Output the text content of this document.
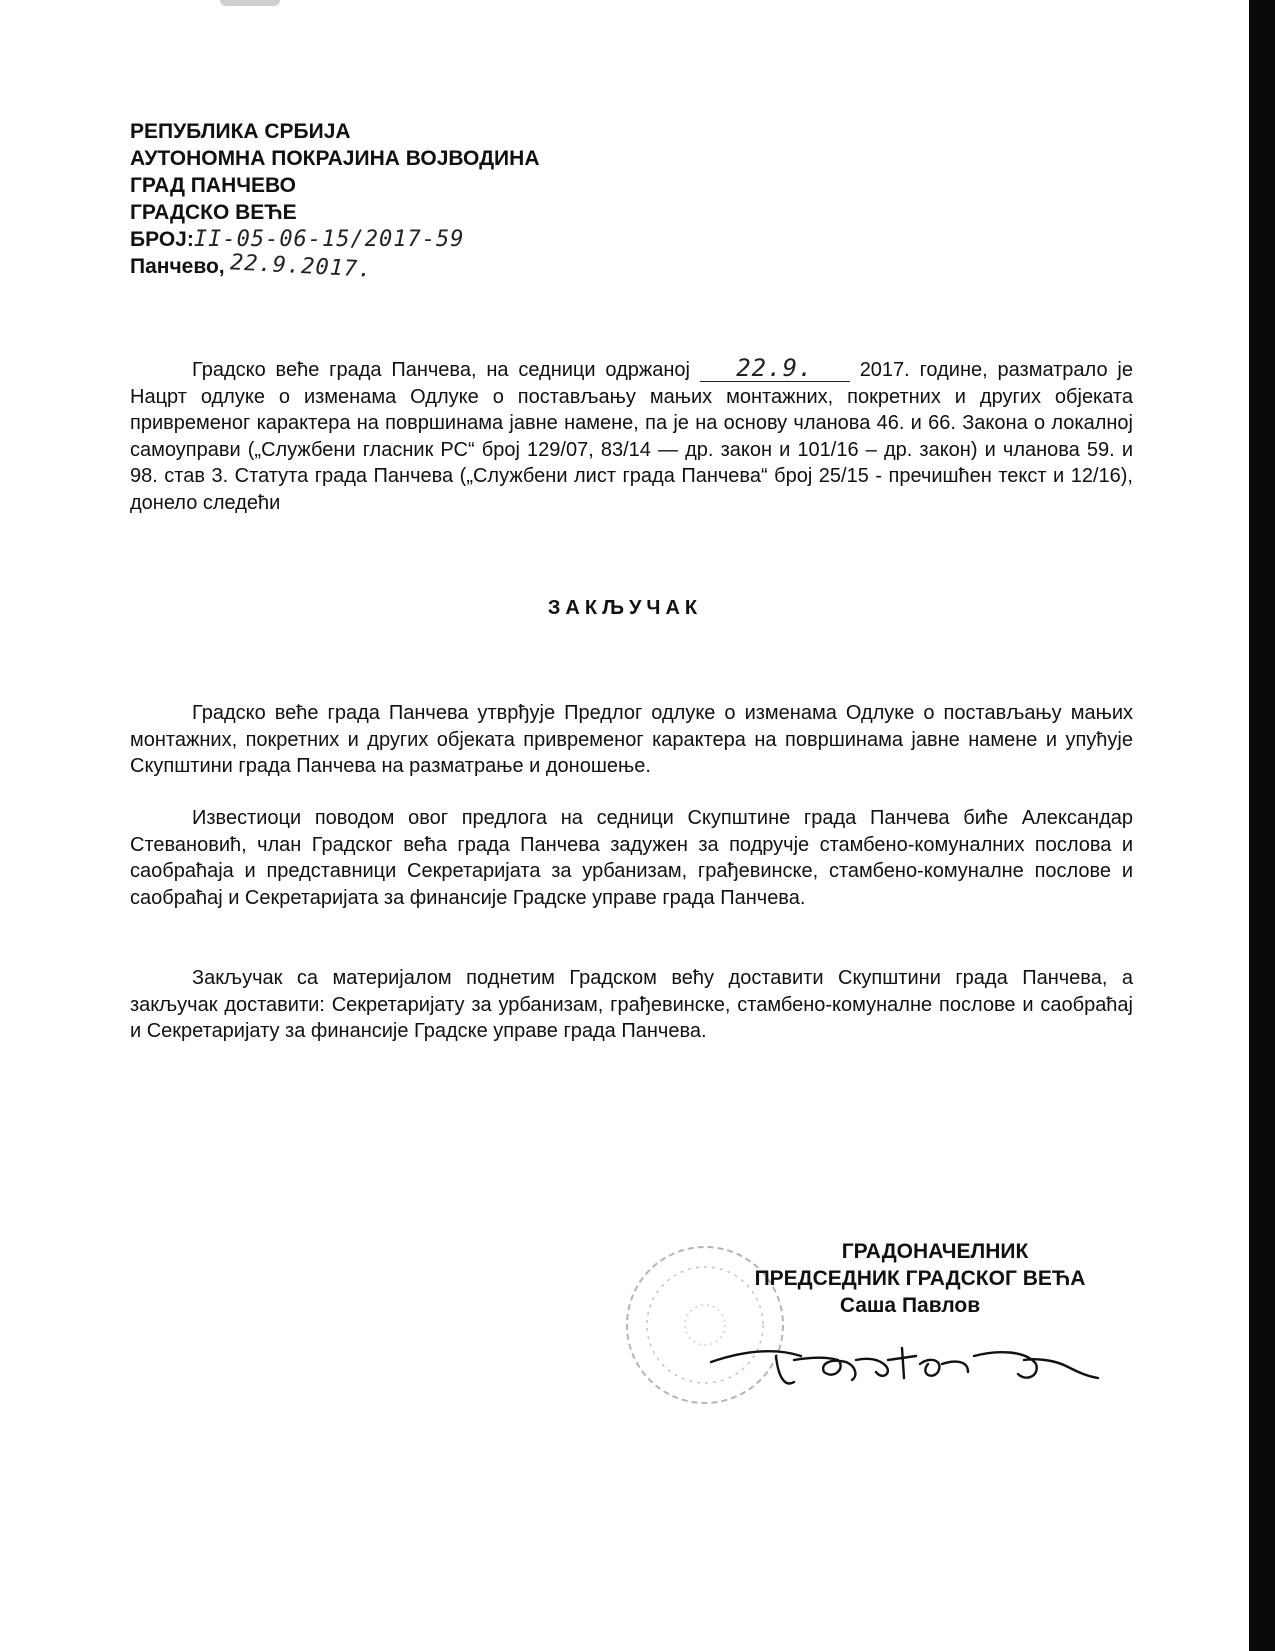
РЕПУБЛИКА СРБИЈА
АУТОНОМНА ПОКРАЈИНА ВОЈВОДИНА
ГРАД ПАНЧЕВО
ГРАДСКО ВЕЋЕ
БРОЈ:II-05-06-15/2017-59
Панчево, 22.9.2017.
Градско веће града Панчева, на седници одржаној 22.9. 2017. године, разматрало је Нацрт одлуке о изменама Одлуке о постављању мањих монтажних, покретних и других објеката привременог карактера на површинама јавне намене, па је на основу чланова 46. и 66. Закона о локалној самоуправи („Службени гласник РС“ број 129/07, 83/14 — др. закон и 101/16 – др. закон) и чланова 59. и 98. став 3. Статута града Панчева („Службени лист града Панчева“ број 25/15 - пречишћен текст и 12/16), донело следећи
ЗАКЉУЧАК
Градско веће града Панчева утврђује Предлог одлуке о изменама Одлуке о постављању мањих монтажних, покретних и других објеката привременог карактера на површинама јавне намене и упућује Скупштини града Панчева на разматрање и доношење.
Известиоци поводом овог предлога на седници Скупштине града Панчева биће Александар Стевановић, члан Градског већа града Панчева задужен за подручје стамбено-комуналних послова и саобраћаја и представници Секретаријата за урбанизам, грађевинске, стамбено-комуналне послове и саобраћај и Секретаријата за финансије Градске управе града Панчева.
Закључак са материјалом поднетим Градском већу доставити Скупштини града Панчева, а закључак доставити: Секретаријату за урбанизам, грађевинске, стамбено-комуналне послове и саобраћај и Секретаријату за финансије Градске управе града Панчева.
ГРАДОНАЧЕЛНИК
ПРЕДСЕДНИК ГРАДСКОГ ВЕЋА
Саша Павлов
